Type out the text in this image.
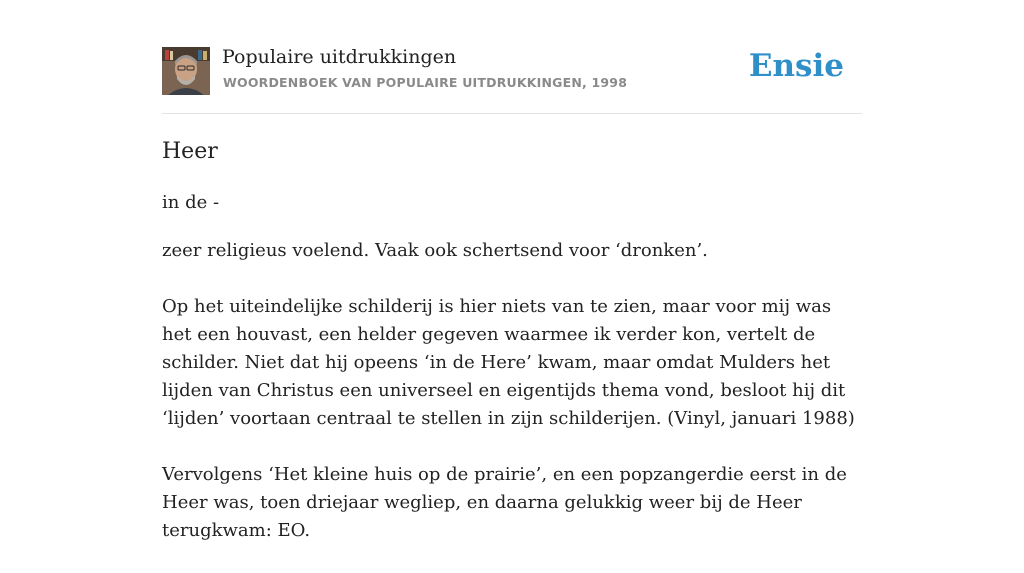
Populaire uitdrukkingen
WOORDENBOEK VAN POPULAIRE UITDRUKKINGEN, 1998	Ensie
Heer
in de -

zeer religieus voelend. Vaak ook schertsend voor ‘dronken’.

Op het uiteindelijke schilderij is hier niets van te zien, maar voor mij was het een houvast, een helder gegeven waarmee ik verder kon, vertelt de schilder. Niet dat hij opeens ‘in de Here’ kwam, maar omdat Mulders het lijden van Christus een universeel en eigentijds thema vond, besloot hij dit ‘lijden’ voortaan centraal te stellen in zijn schilderijen. (Vinyl, januari 1988)

Vervolgens ‘Het kleine huis op de prairie’, en een popzangerdie eerst in de Heer was, toen driejaar wegliep, en daarna gelukkig weer bij de Heer terugkwam: EO.
